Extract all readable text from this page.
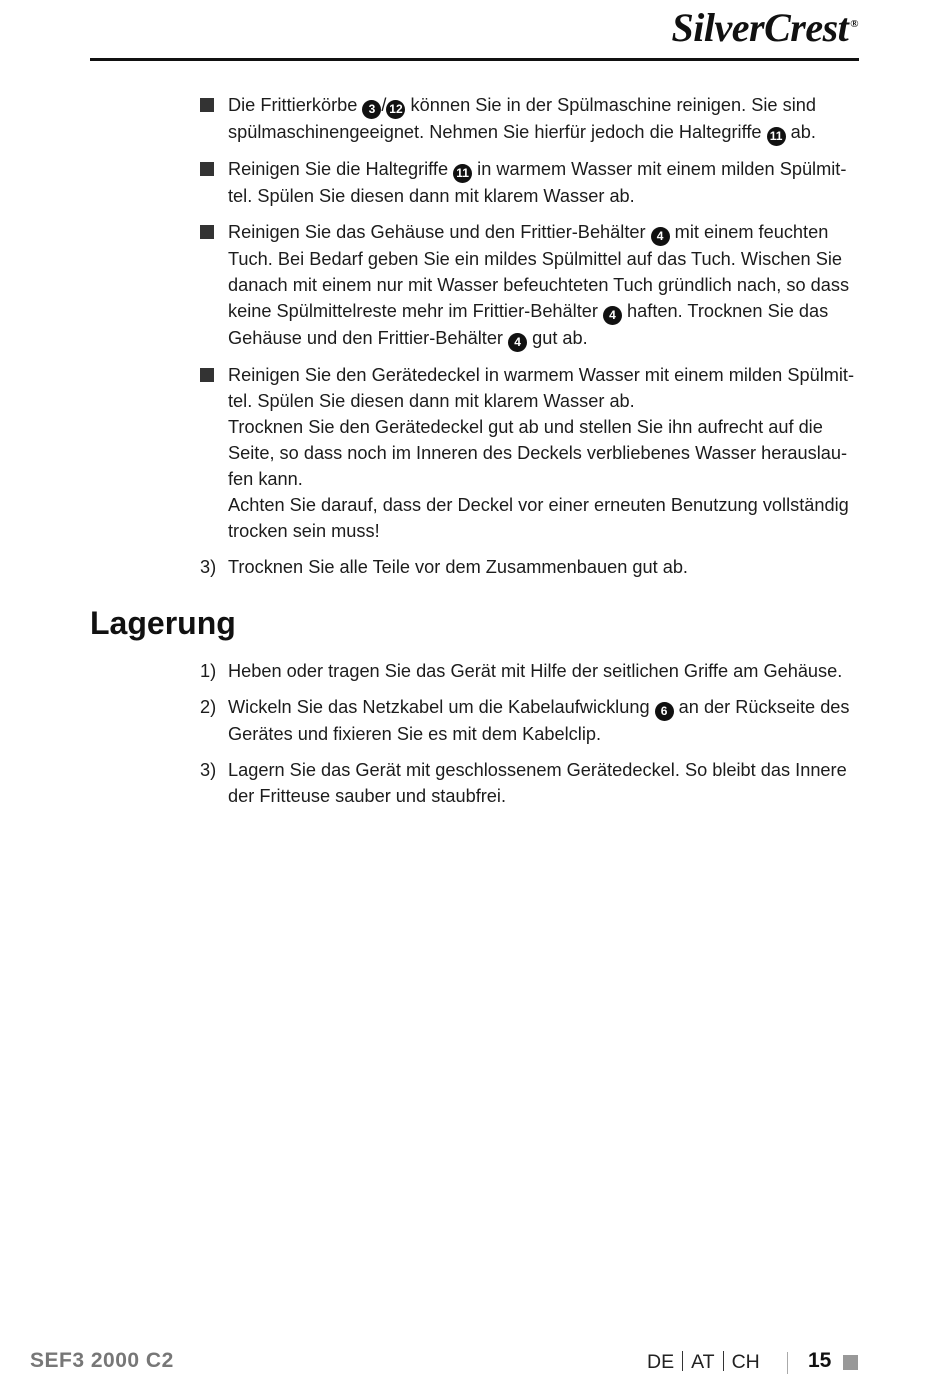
SilverCrest ®

Die Frittierkörbe 3 / 12 können Sie in der Spülmaschine reinigen. Sie sind spülmaschinengeeignet. Nehmen Sie hierfür jedoch die Haltegriffe 11 ab.

Reinigen Sie die Haltegriffe 11 in warmem Wasser mit einem milden Spülmit-tel. Spülen Sie diesen dann mit klarem Wasser ab.

Reinigen Sie das Gehäuse und den Frittier-Behälter 4 mit einem feuchten Tuch. Bei Bedarf geben Sie ein mildes Spülmittel auf das Tuch. Wischen Sie danach mit einem nur mit Wasser befeuchteten Tuch gründlich nach, so dass keine Spülmittelreste mehr im Frittier-Behälter 4 haften. Trocknen Sie das Gehäuse und den Frittier-Behälter 4 gut ab.

Reinigen Sie den Gerätedeckel in warmem Wasser mit einem milden Spülmit-tel. Spülen Sie diesen dann mit klarem Wasser ab.

Trocknen Sie den Gerätedeckel gut ab und stellen Sie ihn aufrecht auf die Seite, so dass noch im Inneren des Deckels verbliebenes Wasser herauslau-fen kann.

Achten Sie darauf, dass der Deckel vor einer erneuten Benutzung vollständig trocken sein muss!

3) Trocknen Sie alle Teile vor dem Zusammenbauen gut ab.

Lagerung
1) Heben oder tragen Sie das Gerät mit Hilfe der seitlichen Griffe am Gehäuse.

2) Wickeln Sie das Netzkabel um die Kabelaufwicklung 6 an der Rückseite des Gerätes und fixieren Sie es mit dem Kabelclip.

3) Lagern Sie das Gerät mit geschlossenem Gerätedeckel. So bleibt das Innere der Fritteuse sauber und staubfrei.

SEF3 2000 C2	DE AT CH 15
